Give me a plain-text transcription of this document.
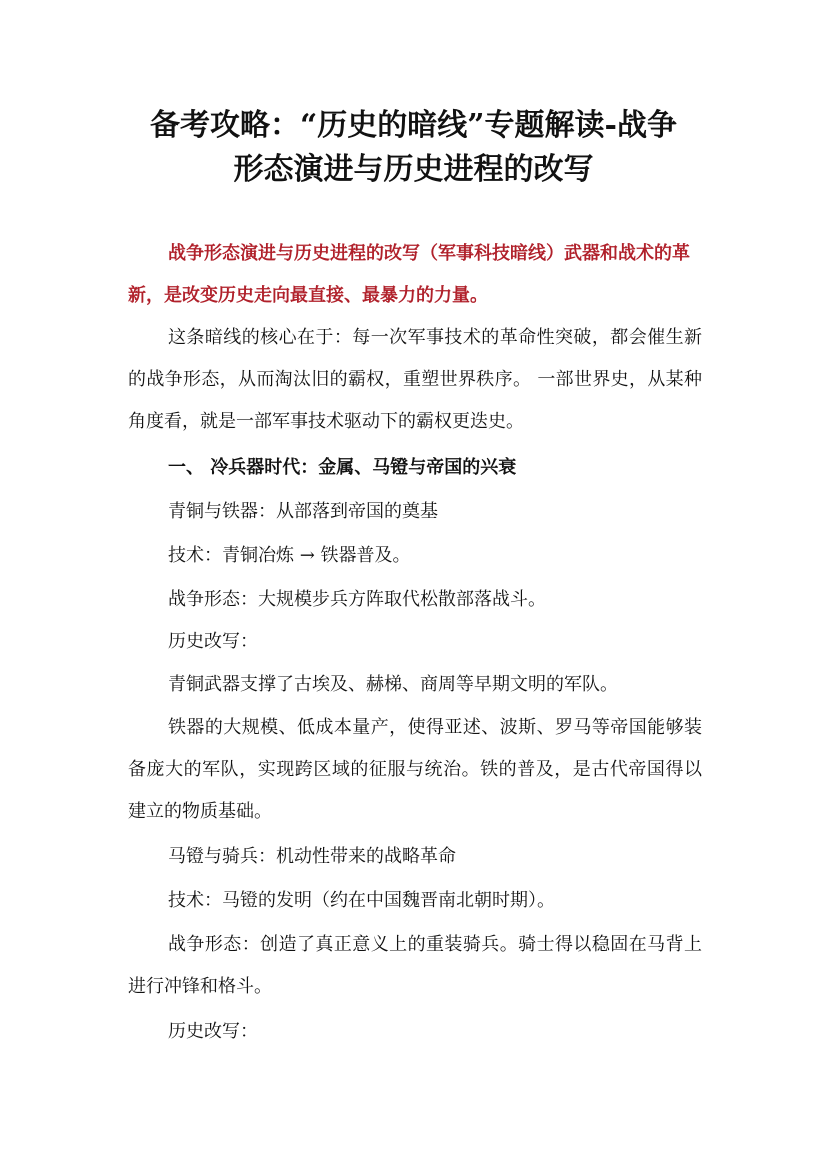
备考攻略：“历史的暗线”专题解读-战争
形态演进与历史进程的改写

战争形态演进与历史进程的改写（军事科技暗线）武器和战术的革新，是改变历史走向最直接、最暴力的力量。

这条暗线的核心在于：每一次军事技术的革命性突破，都会催生新的战争形态，从而淘汰旧的霸权，重塑世界秩序。 一部世界史，从某种角度看，就是一部军事技术驱动下的霸权更迭史。

一、 冷兵器时代：金属、马镫与帝国的兴衰

青铜与铁器：从部落到帝国的奠基

技术：青铜冶炼 → 铁器普及。

战争形态：大规模步兵方阵取代松散部落战斗。

历史改写：

青铜武器支撑了古埃及、赫梯、商周等早期文明的军队。

铁器的大规模、低成本量产，使得亚述、波斯、罗马等帝国能够装备庞大的军队，实现跨区域的征服与统治。铁的普及，是古代帝国得以建立的物质基础。

马镫与骑兵：机动性带来的战略革命

技术：马镫的发明（约在中国魏晋南北朝时期）。

战争形态：创造了真正意义上的重装骑兵。骑士得以稳固在马背上进行冲锋和格斗。

历史改写：
